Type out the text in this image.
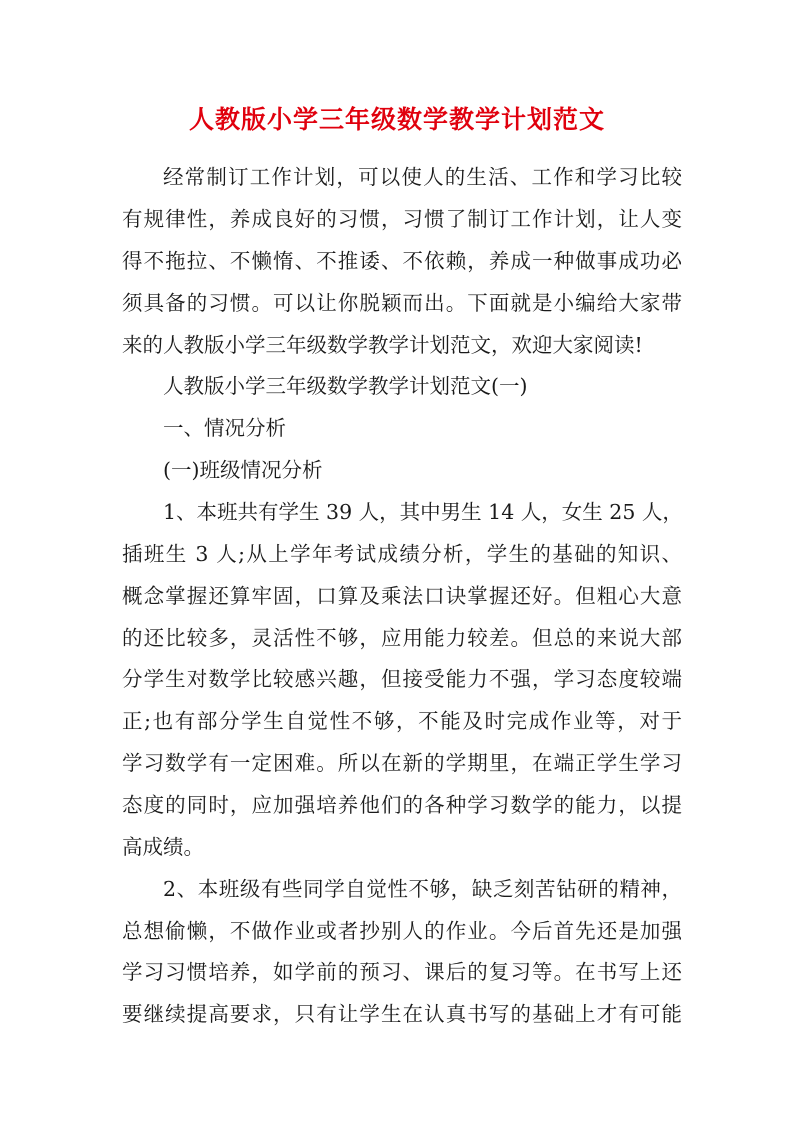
人教版小学三年级数学教学计划范文
经常制订工作计划，可以使人的生活、工作和学习比较
有规律性，养成良好的习惯，习惯了制订工作计划，让人变
得不拖拉、不懒惰、不推诿、不依赖，养成一种做事成功必
须具备的习惯。可以让你脱颖而出。下面就是小编给大家带
来的人教版小学三年级数学教学计划范文，欢迎大家阅读!
人教版小学三年级数学教学计划范文(一)
一、情况分析
(一)班级情况分析
1、本班共有学生 39 人，其中男生 14 人，女生 25 人，
插班生 3 人;从上学年考试成绩分析，学生的基础的知识、
概念掌握还算牢固，口算及乘法口诀掌握还好。但粗心大意
的还比较多，灵活性不够，应用能力较差。但总的来说大部
分学生对数学比较感兴趣，但接受能力不强，学习态度较端
正;也有部分学生自觉性不够，不能及时完成作业等，对于
学习数学有一定困难。所以在新的学期里，在端正学生学习
态度的同时，应加强培养他们的各种学习数学的能力，以提
高成绩。
2、本班级有些同学自觉性不够，缺乏刻苦钻研的精神，
总想偷懒，不做作业或者抄别人的作业。今后首先还是加强
学习习惯培养，如学前的预习、课后的复习等。在书写上还
要继续提高要求，只有让学生在认真书写的基础上才有可能
